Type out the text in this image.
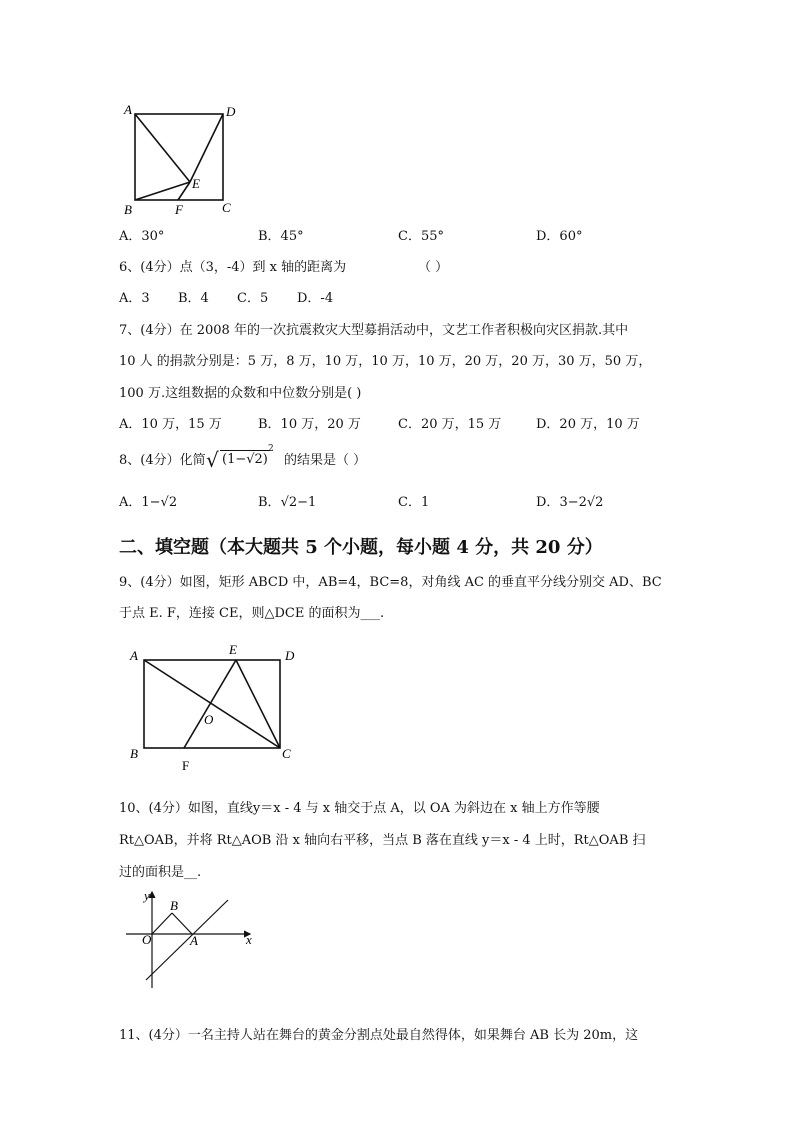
A	D
E
B	F	C
A．30°	B．45°	C．55°	D．60°
6、(4分）点（3，-4）到 x 轴的距离为	（ ）
A．3 B．4 C．5 D．-4
7、(4分）在 2008 年的一次抗震救灾大型募捐活动中，文艺工作者积极向灾区捐款.其中
10 人 的捐款分别是：5 万，8 万，10 万，10 万，10 万，20 万，20 万，30 万，50 万，
100 万.这组数据的众数和中位数分别是( )
A．10 万，15 万	B．10 万，20 万	C．20 万，15 万	D．20 万，10 万
8、(4分）化简 (1−√2)
√	2
的结果是（ ）
A．1−√2	B．√2−1	C．1	D．3−2√2
二、填空题（本大题共 5 个小题，每小题 4 分，共 20 分）
9、(4分）如图，矩形 ABCD 中，AB=4，BC=8，对角线 AC 的垂直平分线分别交 AD、BC
于点 E. F，连接 CE，则△DCE 的面积为___.
A	E	D
O
B
F
C
10、(4分）如图，直线y＝x - 4 与 x 轴交于点 A，以 OA 为斜边在 x 轴上方作等腰
Rt△OAB，并将 Rt△AOB 沿 x 轴向右平移，当点 B 落在直线 y＝x - 4 上时，Rt△OAB 扫
过的面积是__.
y
B
O	A	x
11、(4分）一名主持人站在舞台的黄金分割点处最自然得体，如果舞台 AB 长为 20m，这
